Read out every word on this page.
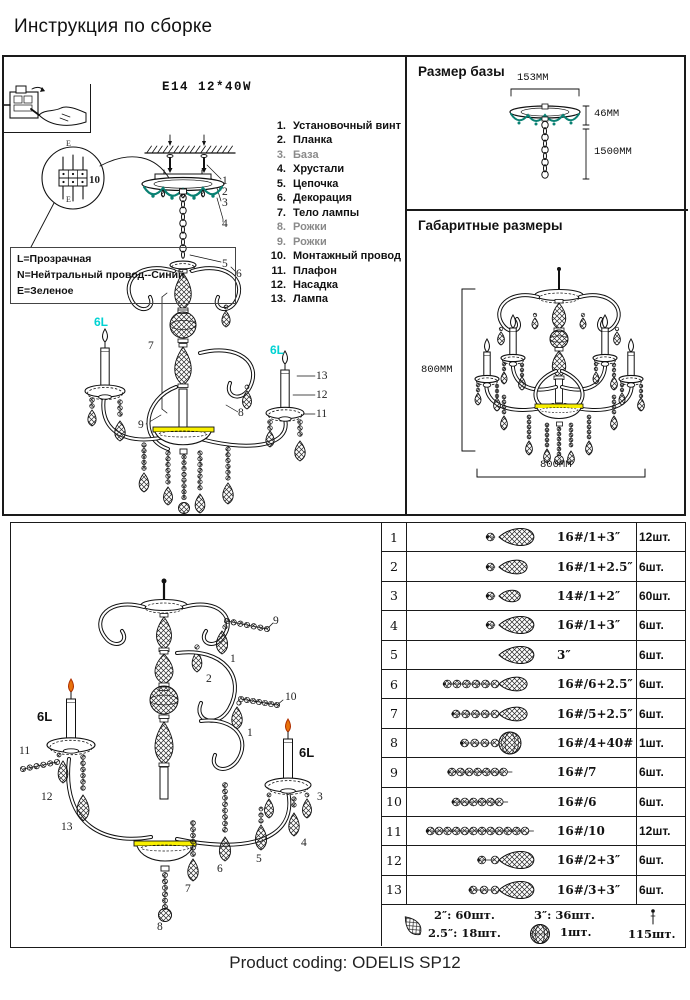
Инструкция по сборке
E14 12*40W
L=Прозрачная
N=Нейтральный провод--Синий
E=Зеленое
1. Установочный винт
2. Планка
3. База
4. Хрустали
5. Цепочка
6. Декорация
7. Тело лампы
8. Рожки
9. Рожки
10. Монтажный провод
11. Плафон
12. Насадка
13. Лампа
E
E
6L
6L
1
2
3
4
5
6
7
8
9
10
11
12
13
Размер базы 153MM
46MM
1500MM
Габаритные размеры
800MM
800MM
6L
6L
9
1
2
10
1
11
12
13
8
7
6
5
4
3
1	16#/1+3″	12шт.
2	16#/1+2.5″ 6шт.
3	14#/1+2″	60шт.
4	16#/1+3″	6шт.
5	3″	6шт.
6	16#/6+2.5″ 6шт.
7	16#/5+2.5″ 6шт.
8	16#/4+40# 1шт.
9	16#/7	6шт.
10	16#/6	6шт.
11	16#/10	12шт.
12	16#/2+3″	6шт.
13	16#/3+3″	6шт.
2″: 60шт.
2.5″: 18шт.
3″: 36шт.
1шт.	115шт.
Product coding: ODELIS SP12
